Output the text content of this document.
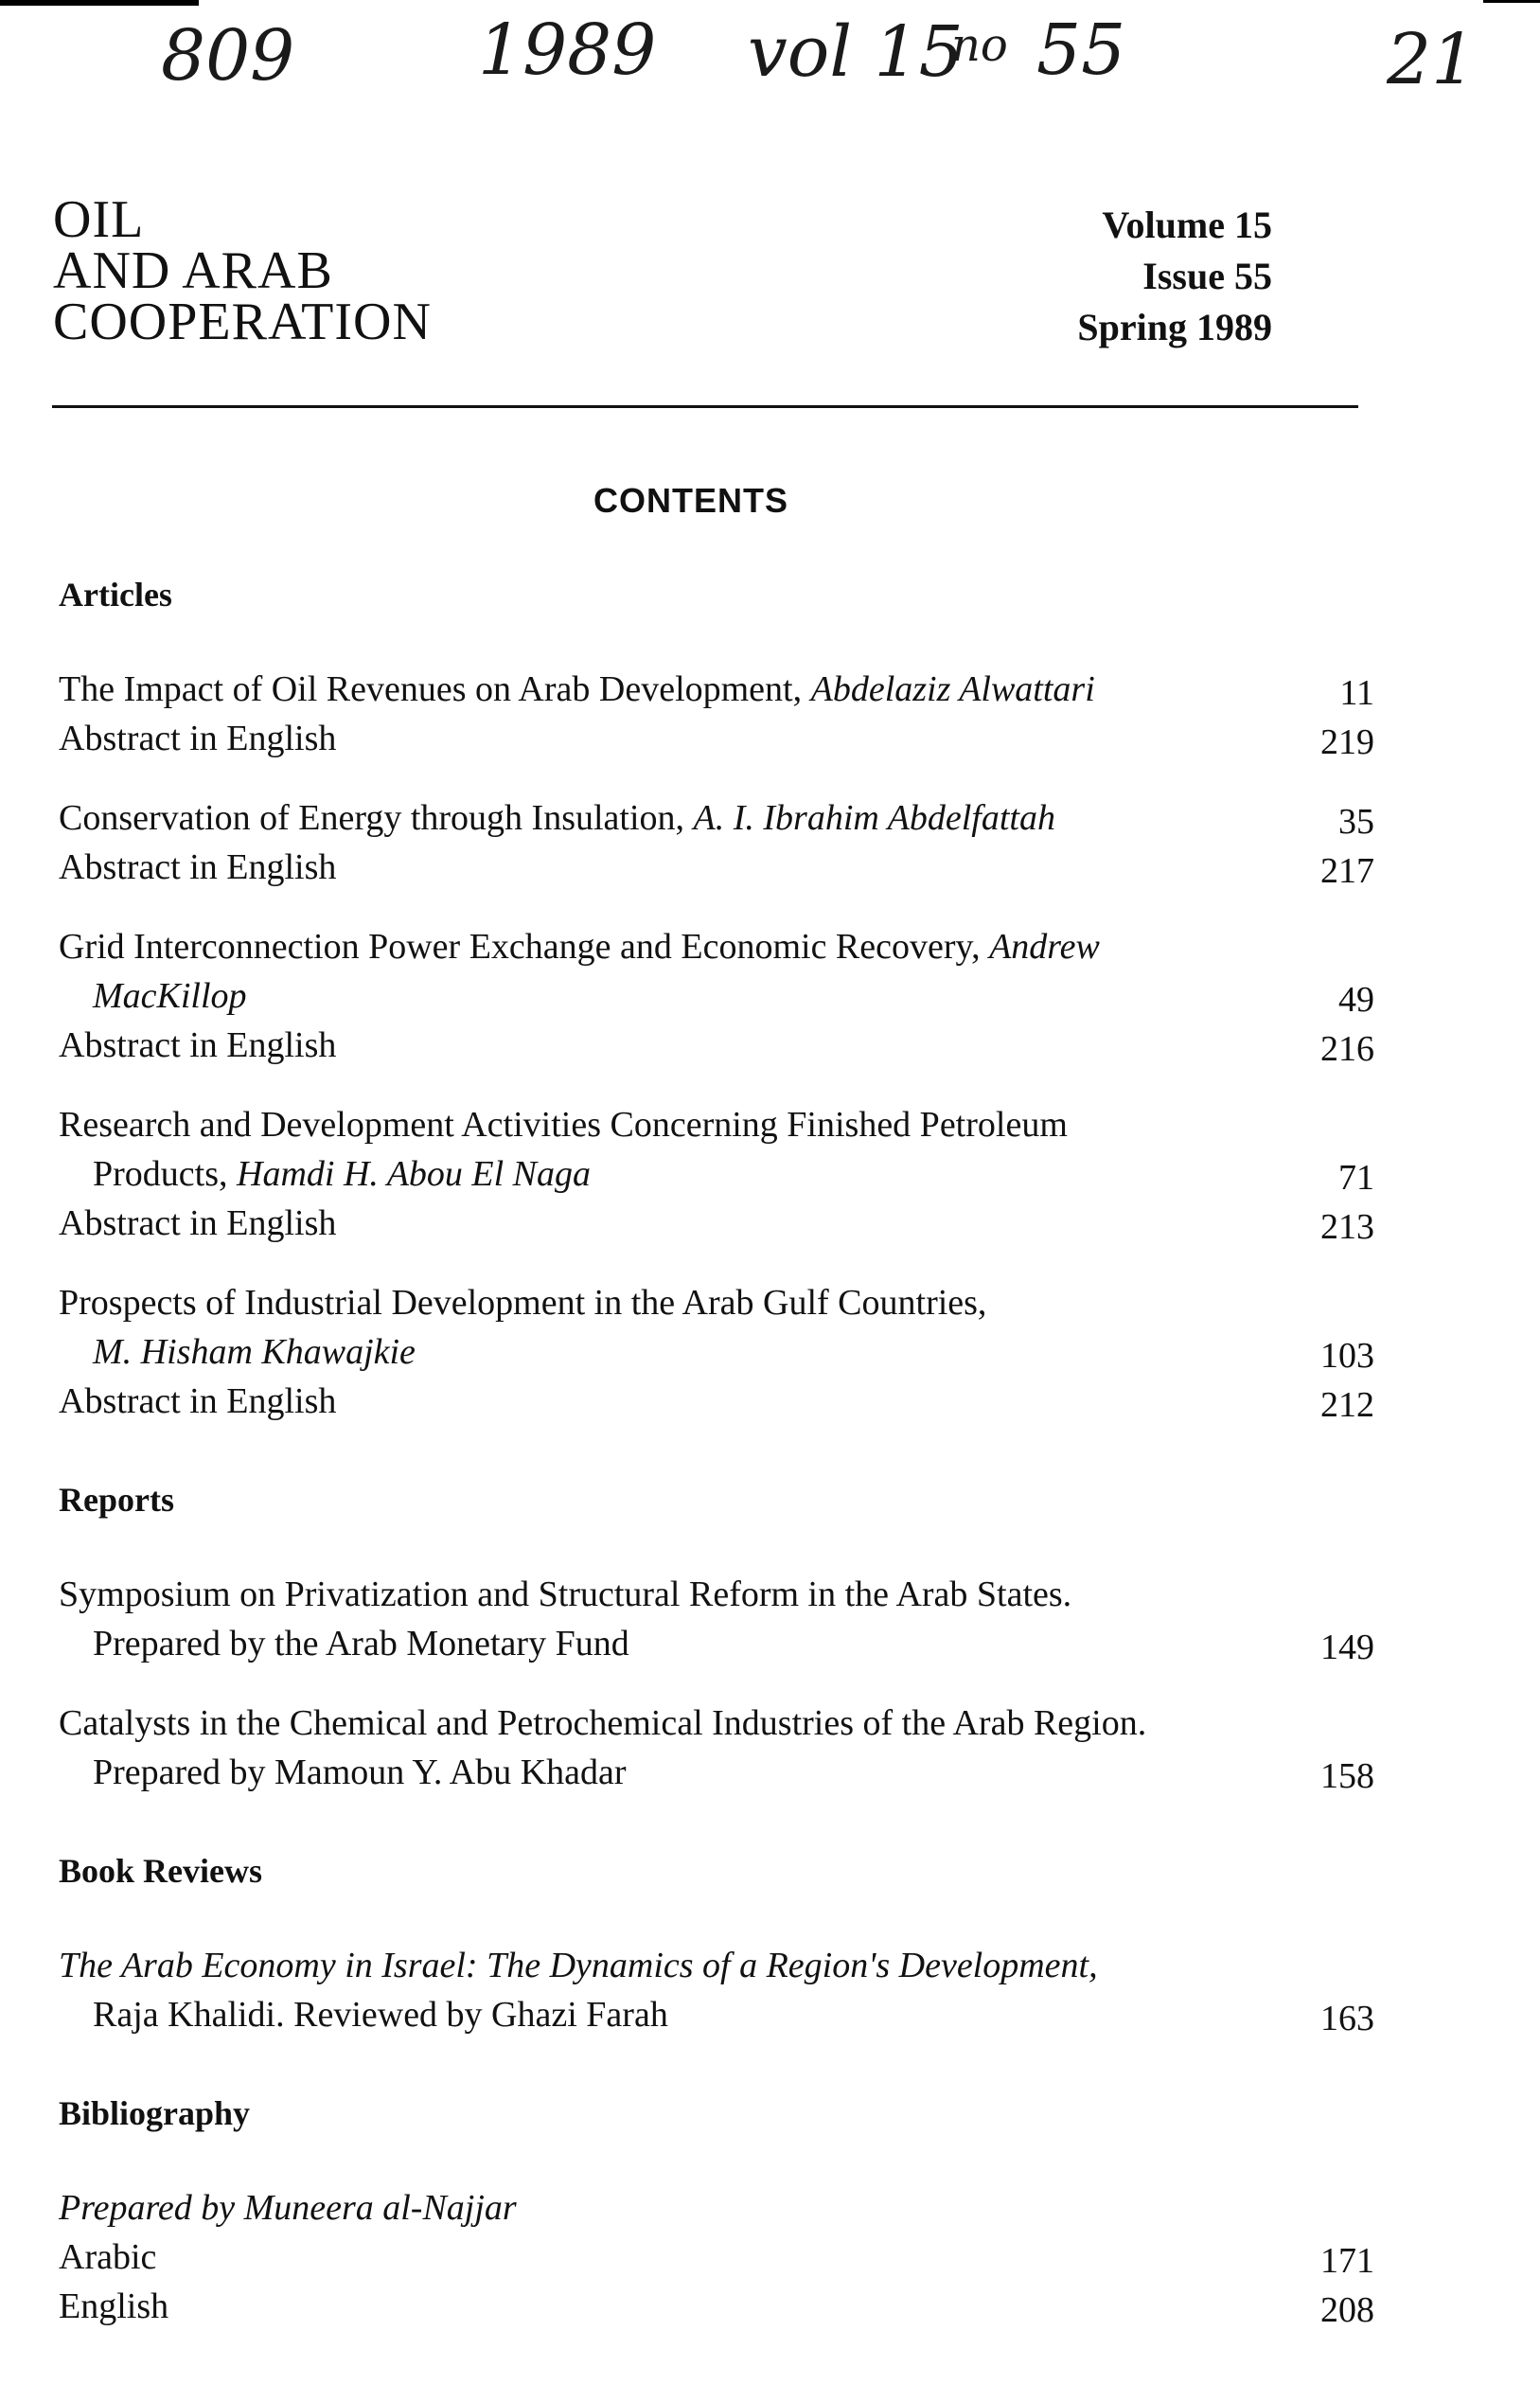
809	1989 vol 15
no 55	21
OIL
AND ARAB
COOPERATION
Volume 15
Issue 55
Spring 1989
CONTENTS
Articles
The Impact of Oil Revenues on Arab Development, Abdelaziz Alwattari	11
Abstract in English	219
Conservation of Energy through Insulation, A. I. Ibrahim Abdelfattah	35
Abstract in English	217
Grid Interconnection Power Exchange and Economic Recovery, Andrew
MacKillop	49
Abstract in English	216
Research and Development Activities Concerning Finished Petroleum
Products, Hamdi H. Abou El Naga	71
Abstract in English	213
Prospects of Industrial Development in the Arab Gulf Countries,
M. Hisham Khawajkie	103
Abstract in English	212
Reports
Symposium on Privatization and Structural Reform in the Arab States.
Prepared by the Arab Monetary Fund	149
Catalysts in the Chemical and Petrochemical Industries of the Arab Region.
Prepared by Mamoun Y. Abu Khadar	158
Book Reviews
The Arab Economy in Israel: The Dynamics of a Region's Development,
Raja Khalidi. Reviewed by Ghazi Farah	163
Bibliography
Prepared by Muneera al-Najjar
Arabic	171
English	208
